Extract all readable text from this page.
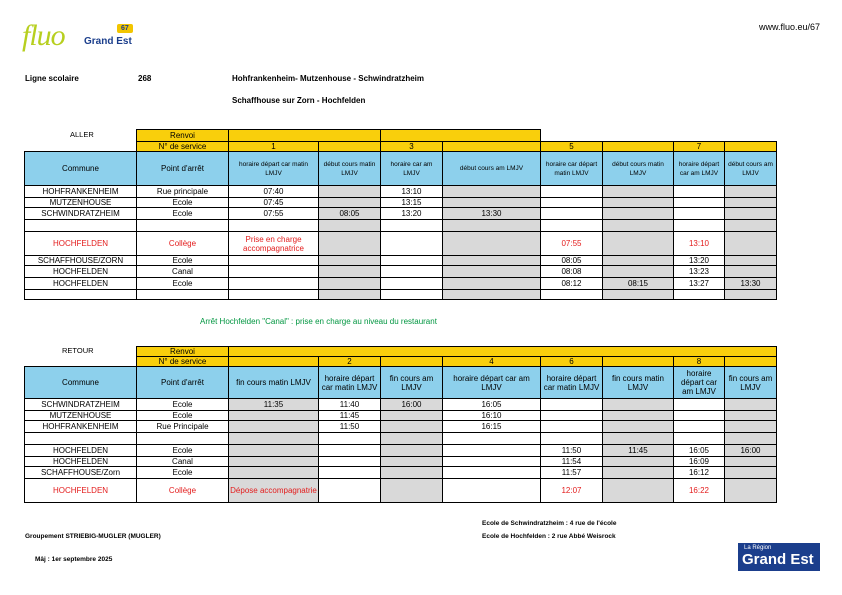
fluo Grand Est
67	www.fluo.eu/67
Ligne scolaire	268	Hohfrankenheim- Mutzenhouse - Schwindratzheim
Schaffhouse sur Zorn - Hochfelden
ALLER
		Renvoi								
	N° de service	1		3		5		7	
Commune	Point d'arrêt	horaire départ car matin LMJV	début cours matin LMJV	horaire car am LMJV	début cours am LMJV	horaire car départ matin LMJV	début cours matin LMJV	horaire départ car am LMJV	début cours am LMJV
HOHFRANKENHEIM	Rue principale	07:40		13:10					
MUTZENHOUSE	Ecole	07:45		13:15					
SCHWINDRATZHEIM	Ecole	07:55	08:05	13:20	13:30				

HOCHFELDEN	Collège	Prise en charge accompagnatrice				07:55		13:10	
SCHAFFHOUSE/ZORN	Ecole					08:05		13:20	
HOCHFELDEN	Canal					08:08		13:23	
HOCHFELDEN	Ecole					08:12	08:15	13:27	13:30

Arrêt Hochfelden "Canal" : prise en charge au niveau du restaurant
RETOUR
		Renvoi								
	N° de service		2		4	6		8	
Commune	Point d'arrêt	fin cours matin LMJV	horaire départ car matin LMJV	fin cours am LMJV	horaire départ car am LMJV	horaire départ car matin LMJV	fin cours matin LMJV	horaire départ car am LMJV	fin cours am LMJV
SCHWINDRATZHEIM	Ecole	11:35	11:40	16:00	16:05				
MUTZENHOUSE	Ecole		11:45		16:10				
HOHFRANKENHEIM	Rue Principale		11:50		16:15				

HOCHFELDEN	Ecole					11:50	11:45	16:05	16:00
HOCHFELDEN	Canal					11:54		16:09	
SCHAFFHOUSE/Zorn	Ecole					11:57		16:12	
HOCHFELDEN	Collège	Dépose accompagnatrie				12:07		16:22	
Ecole de Schwindratzheim : 4 rue de l'école
Ecole de Hochfelden : 2 rue Abbé Weisrock
Groupement STRIEBIG-MUGLER (MUGLER)
Mâj : 1er septembre 2025
La Région
Grand Est
